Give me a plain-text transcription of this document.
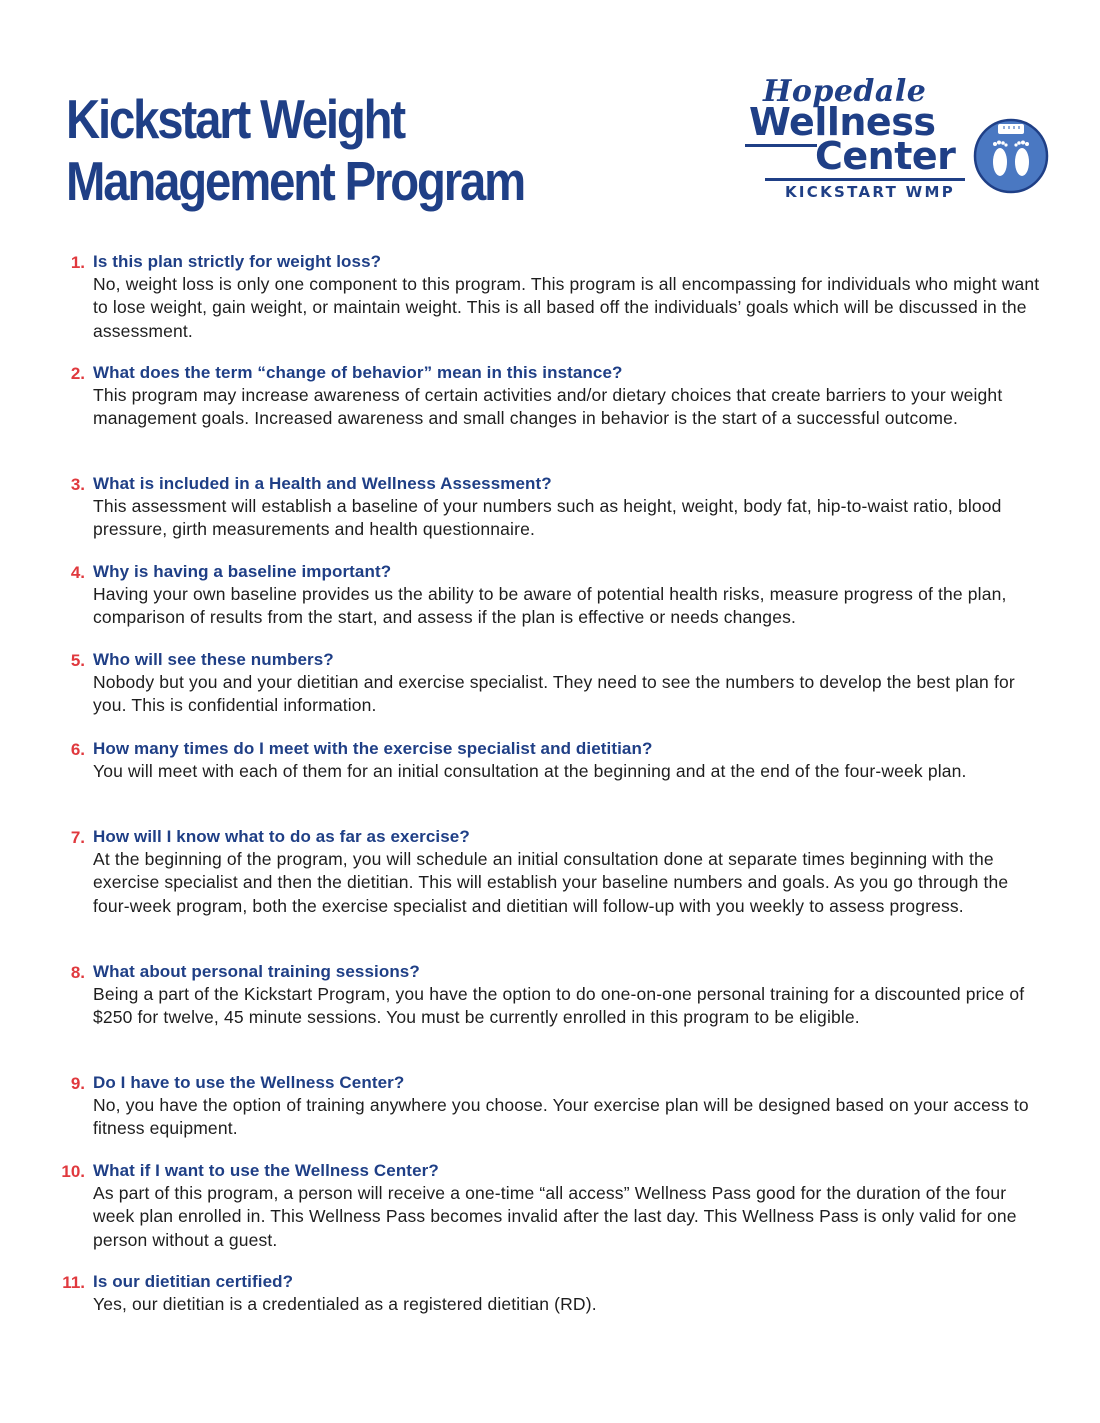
Kickstart Weight
Management Program
Hopedale
Wellness
Center
KICKSTART WMP
1. Is this plan strictly for weight loss?
No, weight loss is only one component to this program. This program is all encompassing for individuals who might want to lose weight, gain weight, or maintain weight. This is all based off the individuals’ goals which will be discussed in the assessment.
2. What does the term “change of behavior” mean in this instance?
This program may increase awareness of certain activities and/or dietary choices that create barriers to your weight management goals. Increased awareness and small changes in behavior is the start of a successful outcome.
3. What is included in a Health and Wellness Assessment?
This assessment will establish a baseline of your numbers such as height, weight, body fat, hip-to-waist ratio, blood pressure, girth measurements and health questionnaire.
4. Why is having a baseline important?
Having your own baseline provides us the ability to be aware of potential health risks, measure progress of the plan, comparison of results from the start, and assess if the plan is effective or needs changes.
5. Who will see these numbers?
Nobody but you and your dietitian and exercise specialist. They need to see the numbers to develop the best plan for you. This is confidential information.
6. How many times do I meet with the exercise specialist and dietitian?
You will meet with each of them for an initial consultation at the beginning and at the end of the four-week plan.
7. How will I know what to do as far as exercise?
At the beginning of the program, you will schedule an initial consultation done at separate times beginning with the exercise specialist and then the dietitian. This will establish your baseline numbers and goals. As you go through the four-week program, both the exercise specialist and dietitian will follow-up with you weekly to assess progress.
8. What about personal training sessions?
Being a part of the Kickstart Program, you have the option to do one-on-one personal training for a discounted price of $250 for twelve, 45 minute sessions. You must be currently enrolled in this program to be eligible.
9. Do I have to use the Wellness Center?
No, you have the option of training anywhere you choose. Your exercise plan will be designed based on your access to fitness equipment.
10. What if I want to use the Wellness Center?
As part of this program, a person will receive a one-time “all access” Wellness Pass good for the duration of the four week plan enrolled in. This Wellness Pass becomes invalid after the last day. This Wellness Pass is only valid for one person without a guest.
11. Is our dietitian certified?
Yes, our dietitian is a credentialed as a registered dietitian (RD).
